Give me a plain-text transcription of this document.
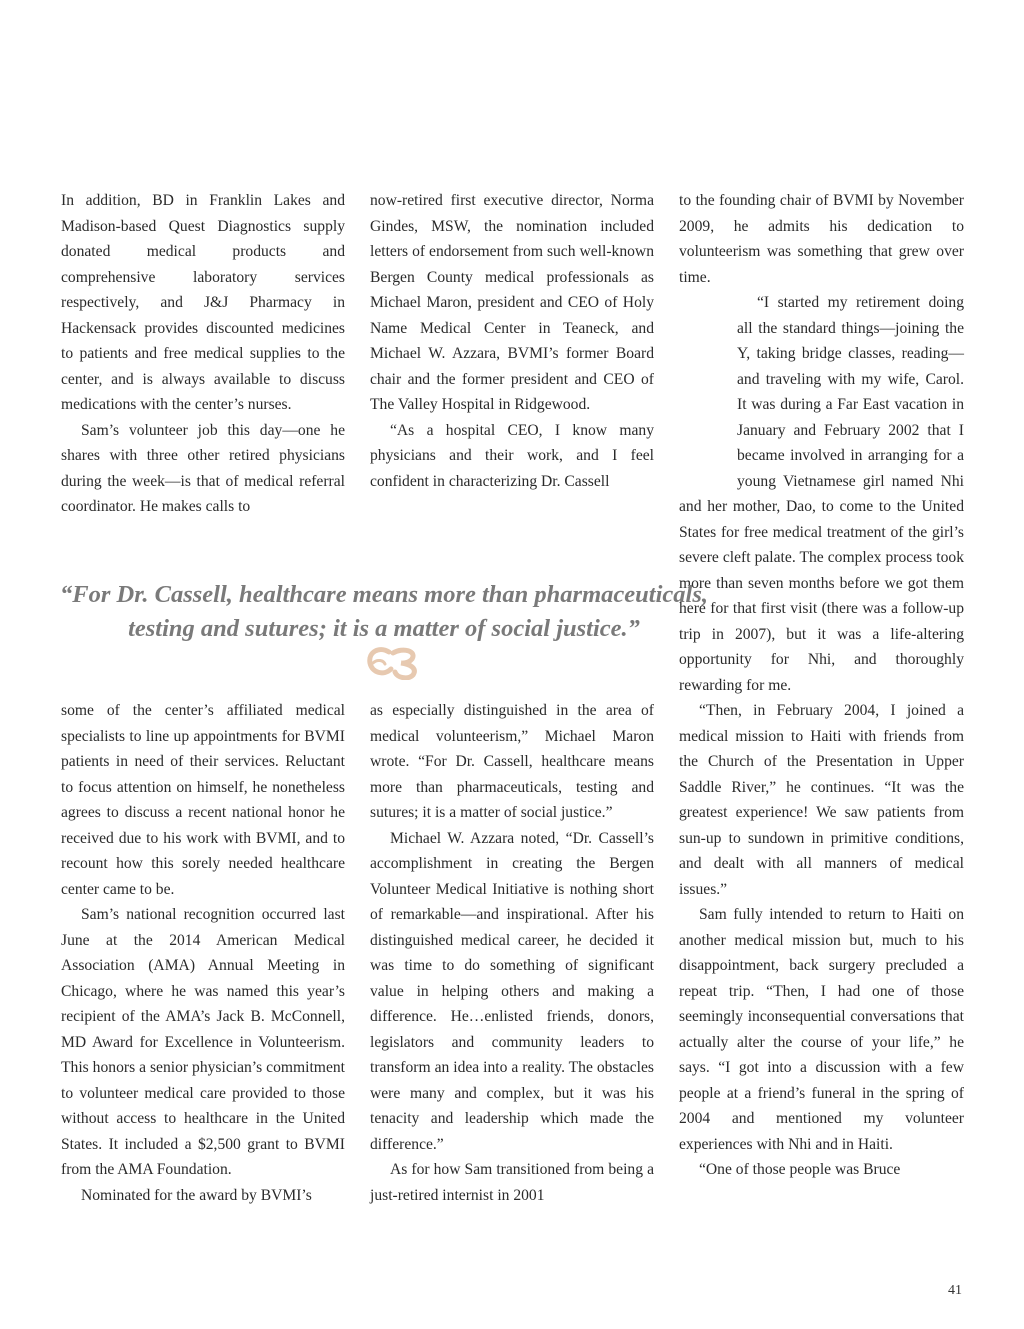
In addition, BD in Franklin Lakes and Madison-based Quest Diagnostics supply donated medical products and comprehensive laboratory services respectively, and J&J Pharmacy in Hackensack provides discounted medicines to patients and free medical supplies to the center, and is always available to discuss medications with the center’s nurses.

Sam’s volunteer job this day—one he shares with three other retired physicians during the week—is that of medical referral coordinator. He makes calls to

now-retired first executive director, Norma Gindes, MSW, the nomination included letters of endorsement from such well-known Bergen County medical professionals as Michael Maron, president and CEO of Holy Name Medical Center in Teaneck, and Michael W. Azzara, BVMI’s former Board chair and the former president and CEO of The Valley Hospital in Ridgewood.

“As a hospital CEO, I know many physicians and their work, and I feel confident in characterizing Dr. Cassell

to the founding chair of BVMI by November 2009, he admits his dedication to volunteerism was something that grew over time.

“I started my retirement doing all the standard things—joining the Y, taking bridge classes, reading—and traveling with my wife, Carol. It was during a Far East vacation in January and February 2002 that I became involved in arranging for a young Vietnamese girl named Nhi and her mother, Dao, to come to the United States for free medical treatment of the girl’s severe cleft palate. The complex process took more than seven months before we got them here for that first visit (there was a follow-up trip in 2007), but it was a life-altering opportunity for Nhi, and thoroughly rewarding for me.

“Then, in February 2004, I joined a medical mission to Haiti with friends from the Church of the Presentation in Upper Saddle River,” he continues. “It was the greatest experience! We saw patients from sun-up to sundown in primitive conditions, and dealt with all manners of medical issues.”

Sam fully intended to return to Haiti on another medical mission but, much to his disappointment, back surgery precluded a repeat trip. “Then, I had one of those seemingly inconsequential conversations that actually alter the course of your life,” he says. “I got into a discussion with a few people at a friend’s funeral in the spring of 2004 and mentioned my volunteer experiences with Nhi and in Haiti.

“One of those people was Bruce

“For Dr. Cassell, healthcare means more than pharmaceuticals,
testing and sutures; it is a matter of social justice.”

some of the center’s affiliated medical specialists to line up appointments for BVMI patients in need of their services. Reluctant to focus attention on himself, he nonetheless agrees to discuss a recent national honor he received due to his work with BVMI, and to recount how this sorely needed healthcare center came to be.

Sam’s national recognition occurred last June at the 2014 American Medical Association (AMA) Annual Meeting in Chicago, where he was named this year’s recipient of the AMA’s Jack B. McConnell, MD Award for Excellence in Volunteerism. This honors a senior physician’s commitment to volunteer medical care provided to those without access to healthcare in the United States. It included a $2,500 grant to BVMI from the AMA Foundation.

Nominated for the award by BVMI’s

as especially distinguished in the area of medical volunteerism,” Michael Maron wrote. “For Dr. Cassell, healthcare means more than pharmaceuticals, testing and sutures; it is a matter of social justice.”

Michael W. Azzara noted, “Dr. Cassell’s accomplishment in creating the Bergen Volunteer Medical Initiative is nothing short of remarkable—and inspirational. After his distinguished medical career, he decided it was time to do something of significant value in helping others and making a difference. He…enlisted friends, donors, legislators and community leaders to transform an idea into a reality. The obstacles were many and complex, but it was his tenacity and leadership which made the difference.”

As for how Sam transitioned from being a just-retired internist in 2001

41
